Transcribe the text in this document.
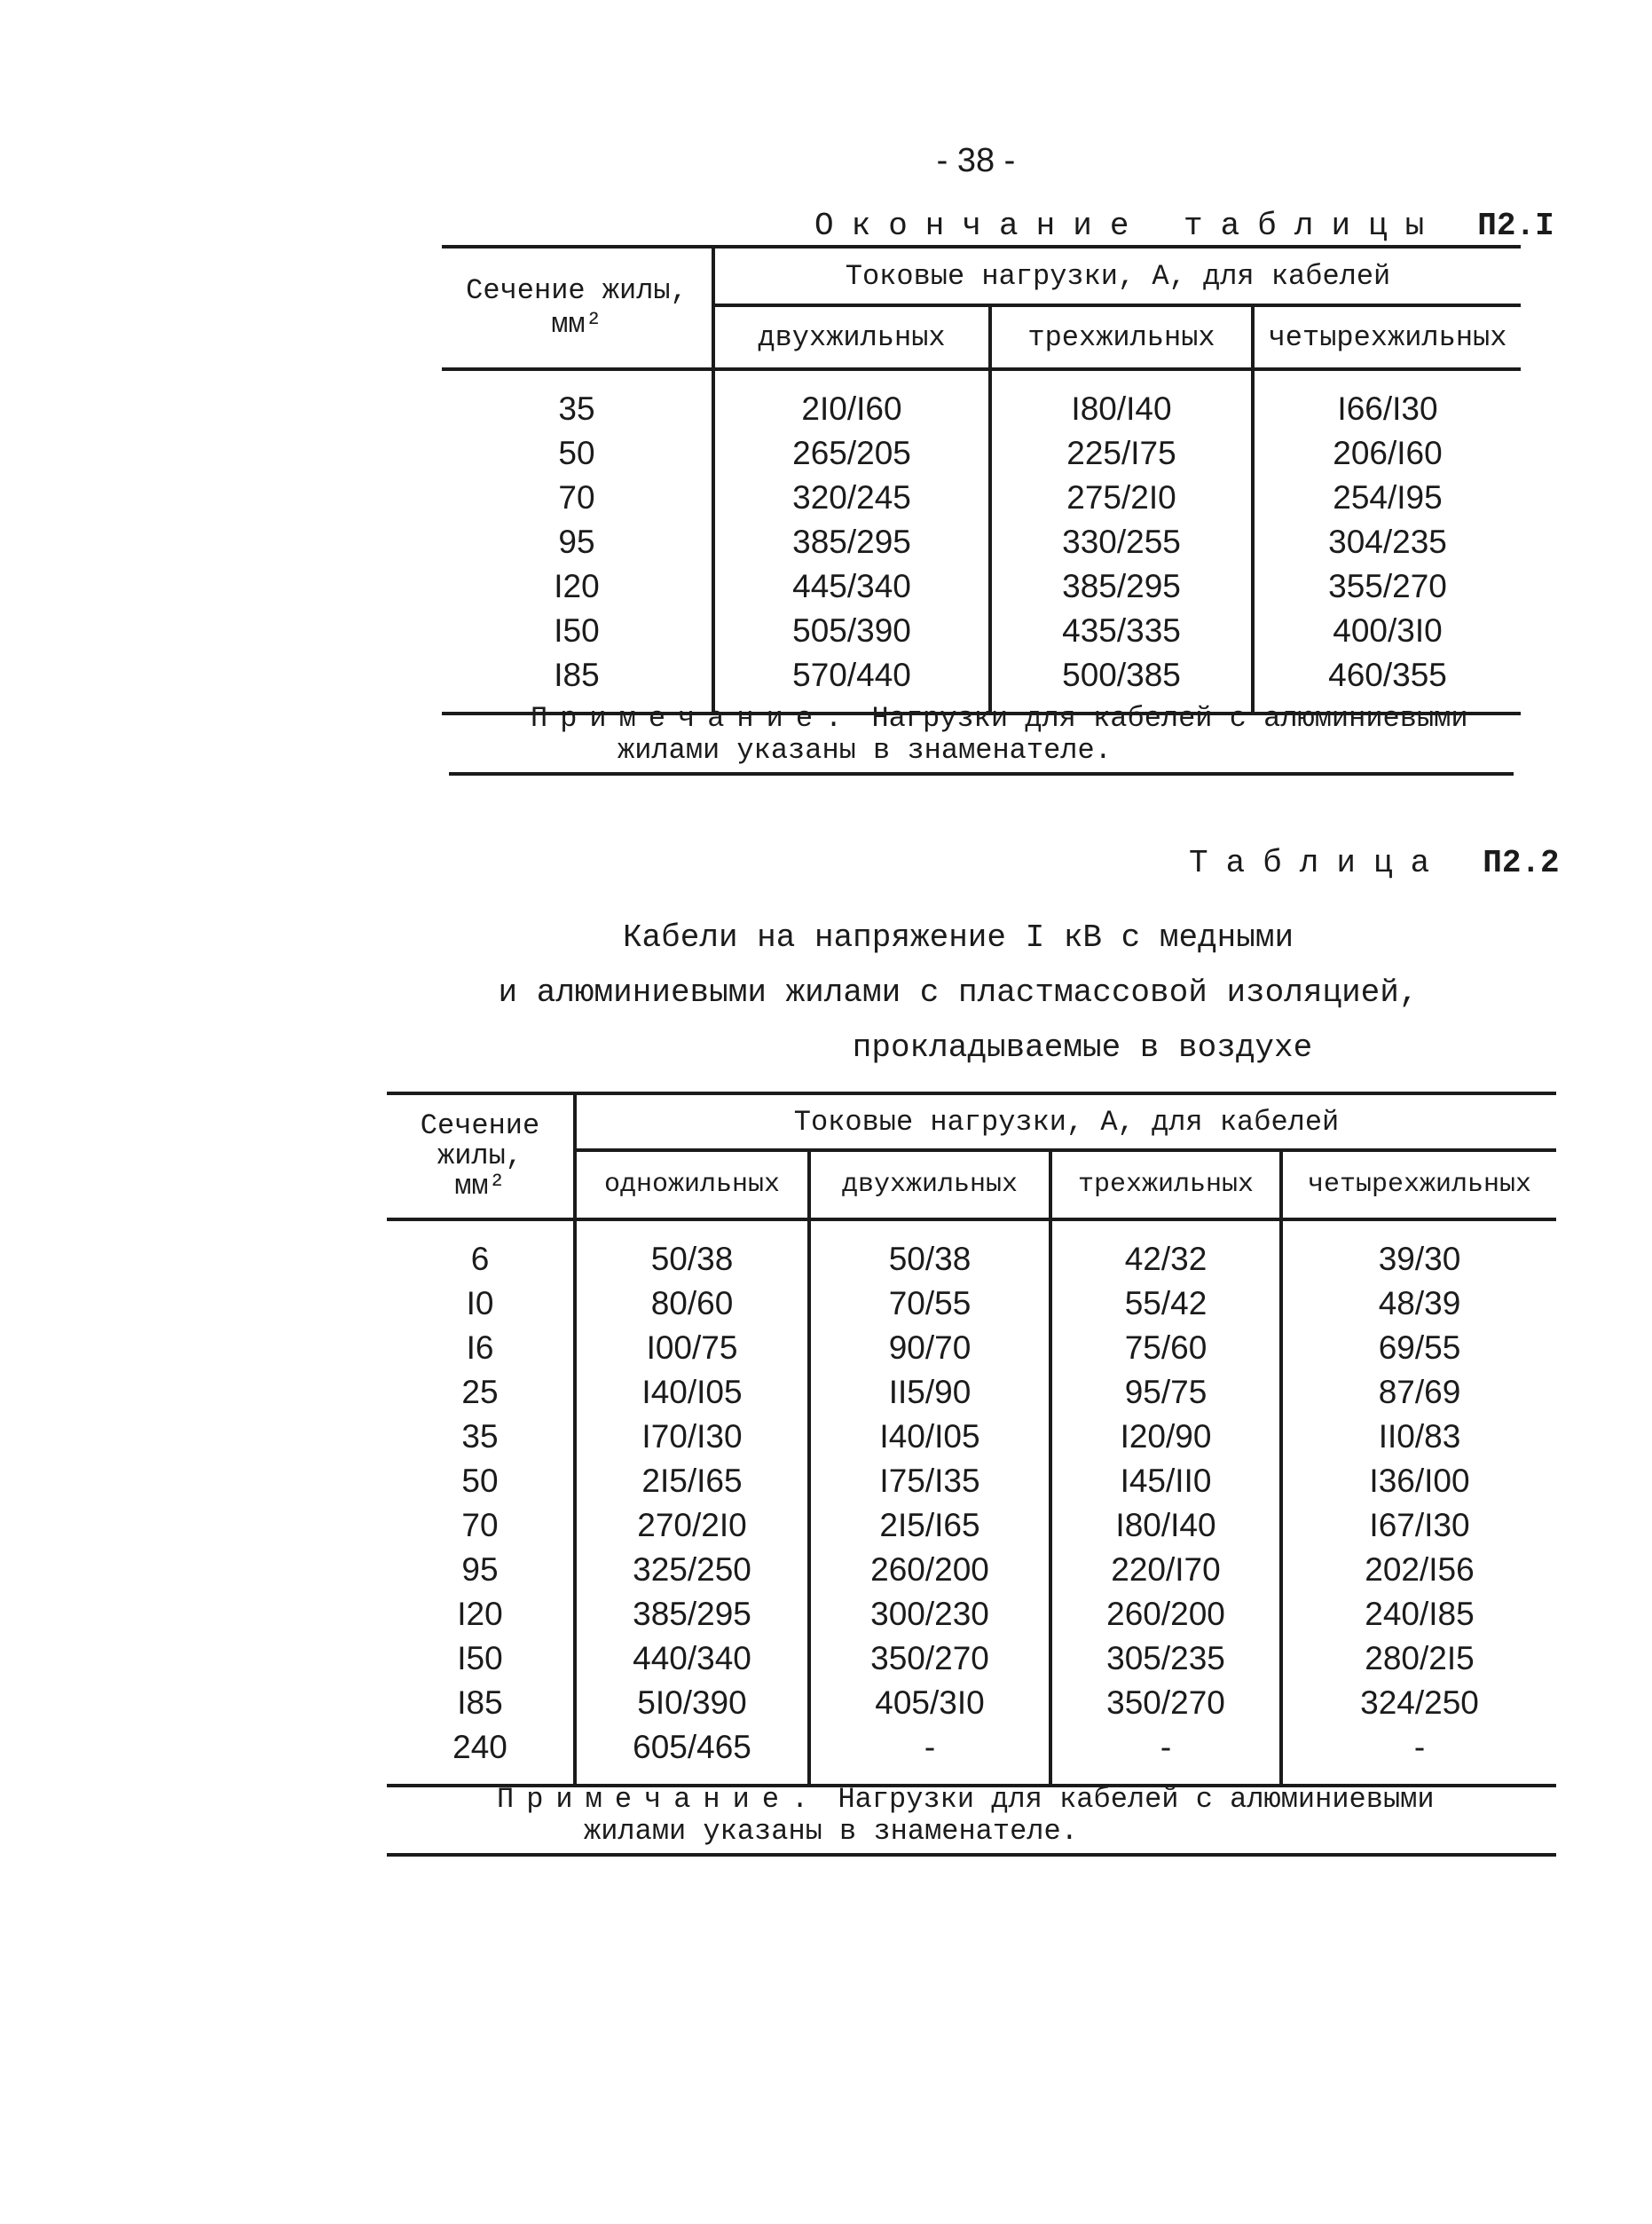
- 38 -
Окончание таблицы П2.I
Сечение жилы, мм²	Токовые нагрузки, А, для кабелей		
	двухжильных	трехжильных	четырехжильных
35	2I0/I60	I80/I40	I66/I30
50	265/205	225/I75	206/I60
70	320/245	275/2I0	254/I95
95	385/295	330/255	304/235
I20	445/340	385/295	355/270
I50	505/390	435/335	400/3I0
I85	570/440	500/385	460/355
Примечание. Нагрузки для кабелей с алюминиевыми
жилами указаны в знаменателе.
Таблица П2.2
Кабели на напряжение I кВ с медными
и алюминиевыми жилами с пластмассовой изоляцией,
прокладываемые в воздухе
Сечение
жилы,
мм²	Токовые нагрузки, А, для кабелей			
	одножильных	двухжильных	трехжильных	четырехжильных
6	50/38	50/38	42/32	39/30
I0	80/60	70/55	55/42	48/39
I6	I00/75	90/70	75/60	69/55
25	I40/I05	II5/90	95/75	87/69
35	I70/I30	I40/I05	I20/90	II0/83
50	2I5/I65	I75/I35	I45/II0	I36/I00
70	270/2I0	2I5/I65	I80/I40	I67/I30
95	325/250	260/200	220/I70	202/I56
I20	385/295	300/230	260/200	240/I85
I50	440/340	350/270	305/235	280/2I5
I85	5I0/390	405/3I0	350/270	324/250
240	605/465	-	-	-
Примечание. Нагрузки для кабелей с алюминиевыми
жилами указаны в знаменателе.
